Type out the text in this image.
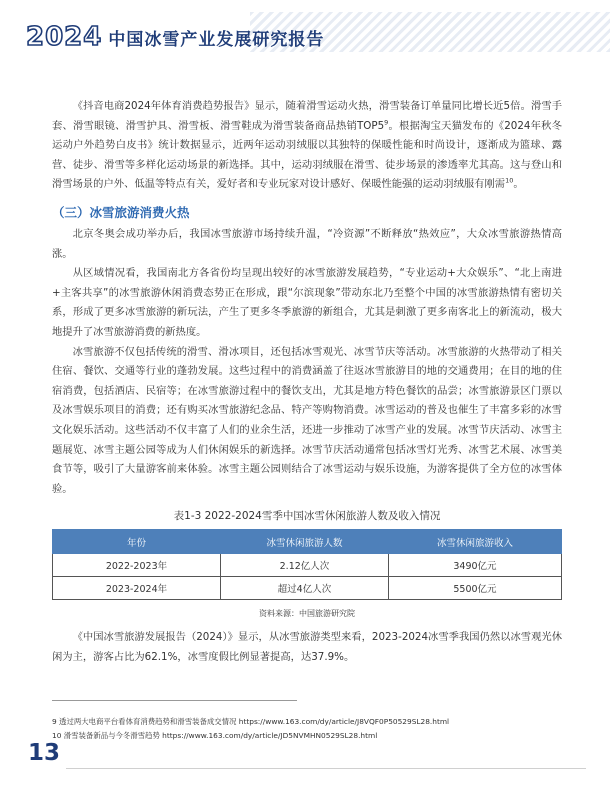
2024 中国冰雪产业发展研究报告

《抖音电商2024年体育消费趋势报告》显示，随着滑雪运动火热，滑雪装备订单量同比增长近5倍。滑雪手套、滑雪眼镜、滑雪护具、滑雪板、滑雪鞋成为滑雪装备商品热销$TOP5^9$。根据淘宝天猫发布的《2024年秋冬运动户外趋势白皮书》统计数据显示，近两年运动羽绒服以其独特的保暖性能和时尚设计，逐渐成为篮球、露营、徒步、滑雪等多样化运动场景的新选择。其中，运动羽绒服在滑雪、徒步场景的渗透率尤其高。这与登山和滑雪场景的户外、低温等特点有关，爱好者和专业玩家对设计感好、保暖性能强的运动羽绒服有刚需$^{10}$。

（三）冰雪旅游消费火热

北京冬奥会成功举办后，我国冰雪旅游市场持续升温，“冷资源”不断释放“热效应”，大众冰雪旅游热情高涨。

从区域情况看，我国南北方各省份均呈现出较好的冰雪旅游发展趋势，“专业运动+大众娱乐”、“北上南进+主客共享”的冰雪旅游休闲消费态势正在形成，跟“尔滨现象”带动东北乃至整个中国的冰雪旅游热情有密切关系，形成了更多冰雪旅游的新玩法，产生了更多冬季旅游的新组合，尤其是刺激了更多南客北上的新流动，极大地提升了冰雪旅游消费的新热度。

冰雪旅游不仅包括传统的滑雪、滑冰项目，还包括冰雪观光、冰雪节庆等活动。冰雪旅游的火热带动了相关住宿、餐饮、交通等行业的蓬勃发展。这些过程中的消费涵盖了往返冰雪旅游目的地的交通费用；在目的地的住宿消费，包括酒店、民宿等；在冰雪旅游过程中的餐饮支出，尤其是地方特色餐饮的品尝；冰雪旅游景区门票以及冰雪娱乐项目的消费；还有购买冰雪旅游纪念品、特产等购物消费。冰雪运动的普及也催生了丰富多彩的冰雪文化娱乐活动。这些活动不仅丰富了人们的业余生活，还进一步推动了冰雪产业的发展。冰雪节庆活动、冰雪主题展览、冰雪主题公园等成为人们休闲娱乐的新选择。冰雪节庆活动通常包括冰雪灯光秀、冰雪艺术展、冰雪美食节等，吸引了大量游客前来体验。冰雪主题公园则结合了冰雪运动与娱乐设施，为游客提供了全方位的冰雪体验。

表1-3 2022-2024雪季中国冰雪休闲旅游人数及收入情况
年份	冰雪休闲旅游人数	冰雪休闲旅游收入
2022-2023年	2.12亿人次	3490亿元
2023-2024年	超过4亿人次	5500亿元
资料来源：中国旅游研究院

《中国冰雪旅游发展报告（2024）》显示，从冰雪旅游类型来看，2023-2024冰雪季我国仍然以冰雪观光休闲为主，游客占比为62.1%，冰雪度假比例显著提高，达37.9%。

9 透过两大电商平台看体育消费趋势和滑雪装备成交情况 https://www.163.com/dy/article/J8VQF0P50529SL28.html
10 滑雪装备新品与今冬滑雪趋势 https://www.163.com/dy/article/JD5NVMHN0529SL28.html
13
